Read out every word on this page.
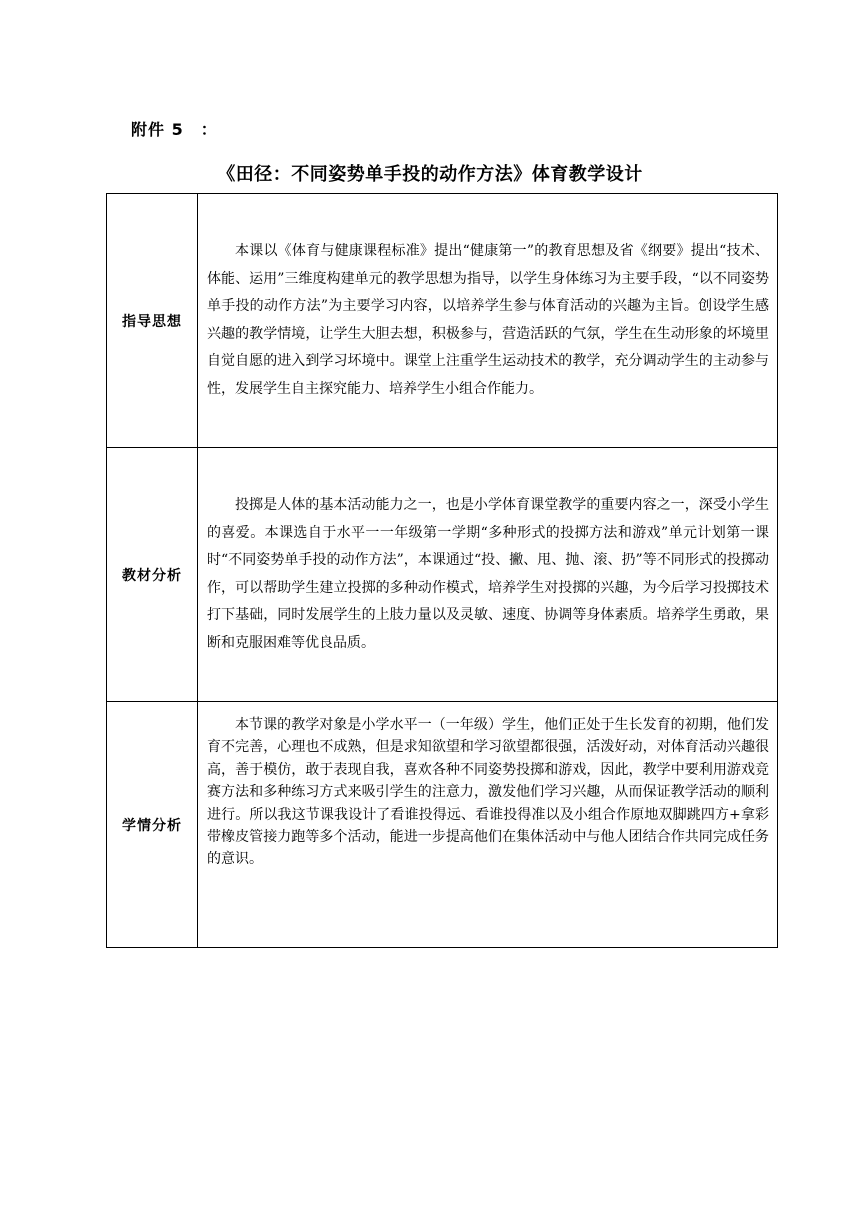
附件 5　：
《田径：不同姿势单手投的动作方法》体育教学设计
指导思想	本课以《体育与健康课程标准》提出“健康第一”的教育思想及省《纲要》提出“技术、体能、运用”三维度构建单元的教学思想为指导，以学生身体练习为主要手段，“以不同姿势单手投的动作方法”为主要学习内容，以培养学生参与体育活动的兴趣为主旨。创设学生感兴趣的教学情境，让学生大胆去想，积极参与，营造活跃的气氛，学生在生动形象的坏境里自觉自愿的进入到学习坏境中。课堂上注重学生运动技术的教学，充分调动学生的主动参与性，发展学生自主探究能力、培养学生小组合作能力。

教材分析	投掷是人体的基本活动能力之一，也是小学体育课堂教学的重要内容之一，深受小学生的喜爱。本课选自于水平一一年级第一学期“多种形式的投掷方法和游戏”单元计划第一课时“不同姿势单手投的动作方法”，本课通过“投、撇、甩、抛、滚、扔”等不同形式的投掷动作，可以帮助学生建立投掷的多种动作模式，培养学生对投掷的兴趣，为今后学习投掷技术打下基础，同时发展学生的上肢力量以及灵敏、速度、协调等身体素质。培养学生勇敢，果断和克服困难等优良品质。

学情分析	本节课的教学对象是小学水平一（一年级）学生，他们正处于生长发育的初期，他们发育不完善，心理也不成熟，但是求知欲望和学习欲望都很强，活泼好动，对体育活动兴趣很高，善于模仿，敢于表现自我，喜欢各种不同姿势投掷和游戏，因此，教学中要利用游戏竞赛方法和多种练习方式来吸引学生的注意力，激发他们学习兴趣，从而保证教学活动的顺利进行。所以我这节课我设计了看谁投得远、看谁投得准以及小组合作原地双脚跳四方+拿彩带橡皮管接力跑等多个活动，能进一步提高他们在集体活动中与他人团结合作共同完成任务的意识。
